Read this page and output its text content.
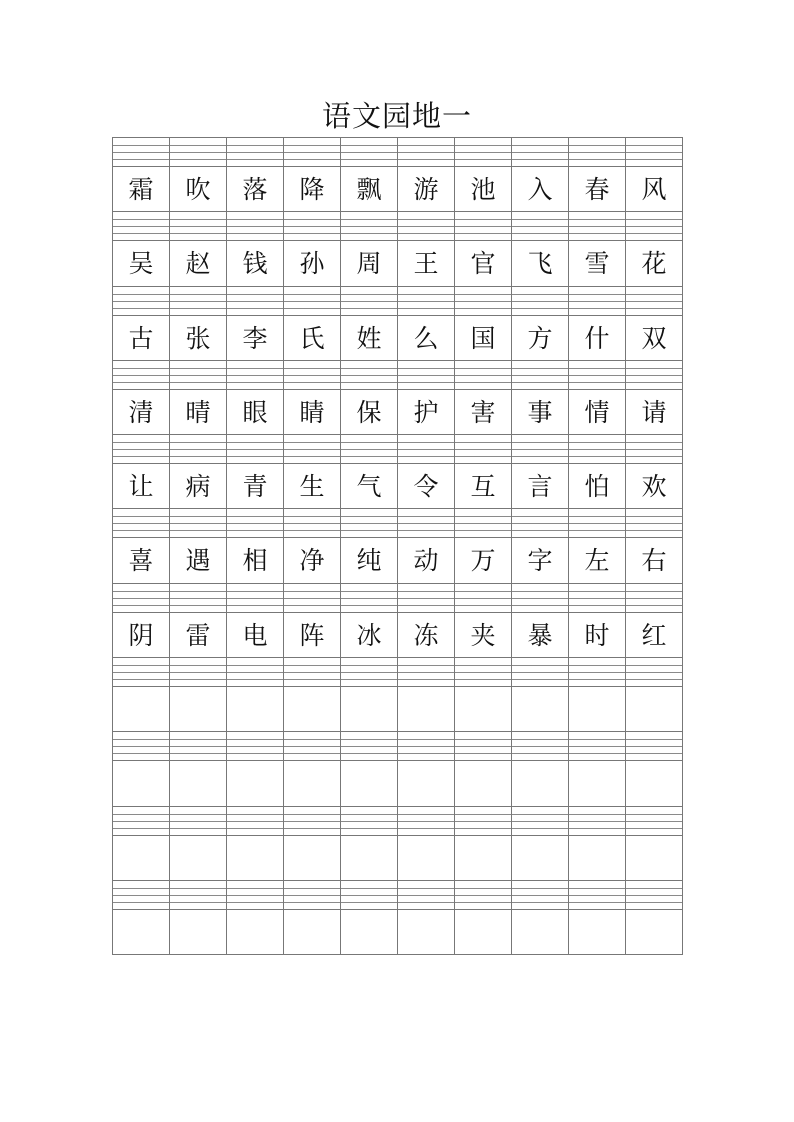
语文园地一
霜	吹	落	降	飘	游	池	入	春	风
吴	赵	钱	孙	周	王	官	飞	雪	花
古	张	李	氏	姓	么	国	方	什	双
清	晴	眼	睛	保	护	害	事	情	请
让	病	青	生	气	令	互	言	怕	欢
喜	遇	相	净	纯	动	万	字	左	右
阴	雷	电	阵	冰	冻	夹	暴	时	红
